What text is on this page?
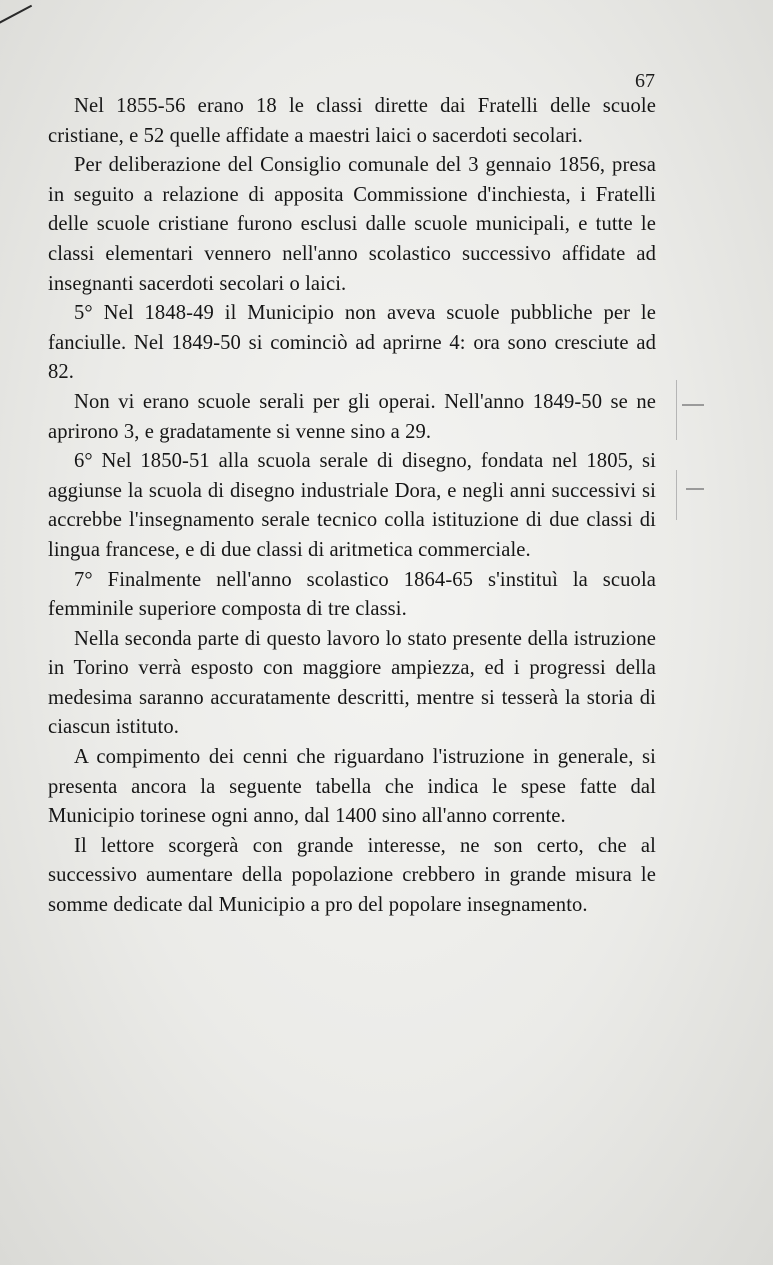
67

Nel 1855-56 erano 18 le classi dirette dai Fratelli delle scuole cristiane, e 52 quelle affidate a maestri laici o sacerdoti secolari.

Per deliberazione del Consiglio comunale del 3 gennaio 1856, presa in seguito a relazione di apposita Commissione d'inchiesta, i Fratelli delle scuole cristiane furono esclusi dalle scuole municipali, e tutte le classi elementari vennero nell'anno scolastico successivo affidate ad insegnanti sacerdoti secolari o laici.

5° Nel 1848-49 il Municipio non aveva scuole pubbliche per le fanciulle. Nel 1849-50 si cominciò ad aprirne 4: ora sono cresciute ad 82.

Non vi erano scuole serali per gli operai. Nell'anno 1849-50 se ne aprirono 3, e gradatamente si venne sino a 29.

6° Nel 1850-51 alla scuola serale di disegno, fondata nel 1805, si aggiunse la scuola di disegno industriale Dora, e negli anni successivi si accrebbe l'insegnamento serale tecnico colla istituzione di due classi di lingua francese, e di due classi di aritmetica commerciale.

7° Finalmente nell'anno scolastico 1864-65 s'instituì la scuola femminile superiore composta di tre classi.

Nella seconda parte di questo lavoro lo stato presente della istruzione in Torino verrà esposto con maggiore ampiezza, ed i progressi della medesima saranno accuratamente descritti, mentre si tesserà la storia di ciascun istituto.

A compimento dei cenni che riguardano l'istruzione in generale, si presenta ancora la seguente tabella che indica le spese fatte dal Municipio torinese ogni anno, dal 1400 sino all'anno corrente.

Il lettore scorgerà con grande interesse, ne son certo, che al successivo aumentare della popolazione crebbero in grande misura le somme dedicate dal Municipio a pro del popolare insegnamento.
